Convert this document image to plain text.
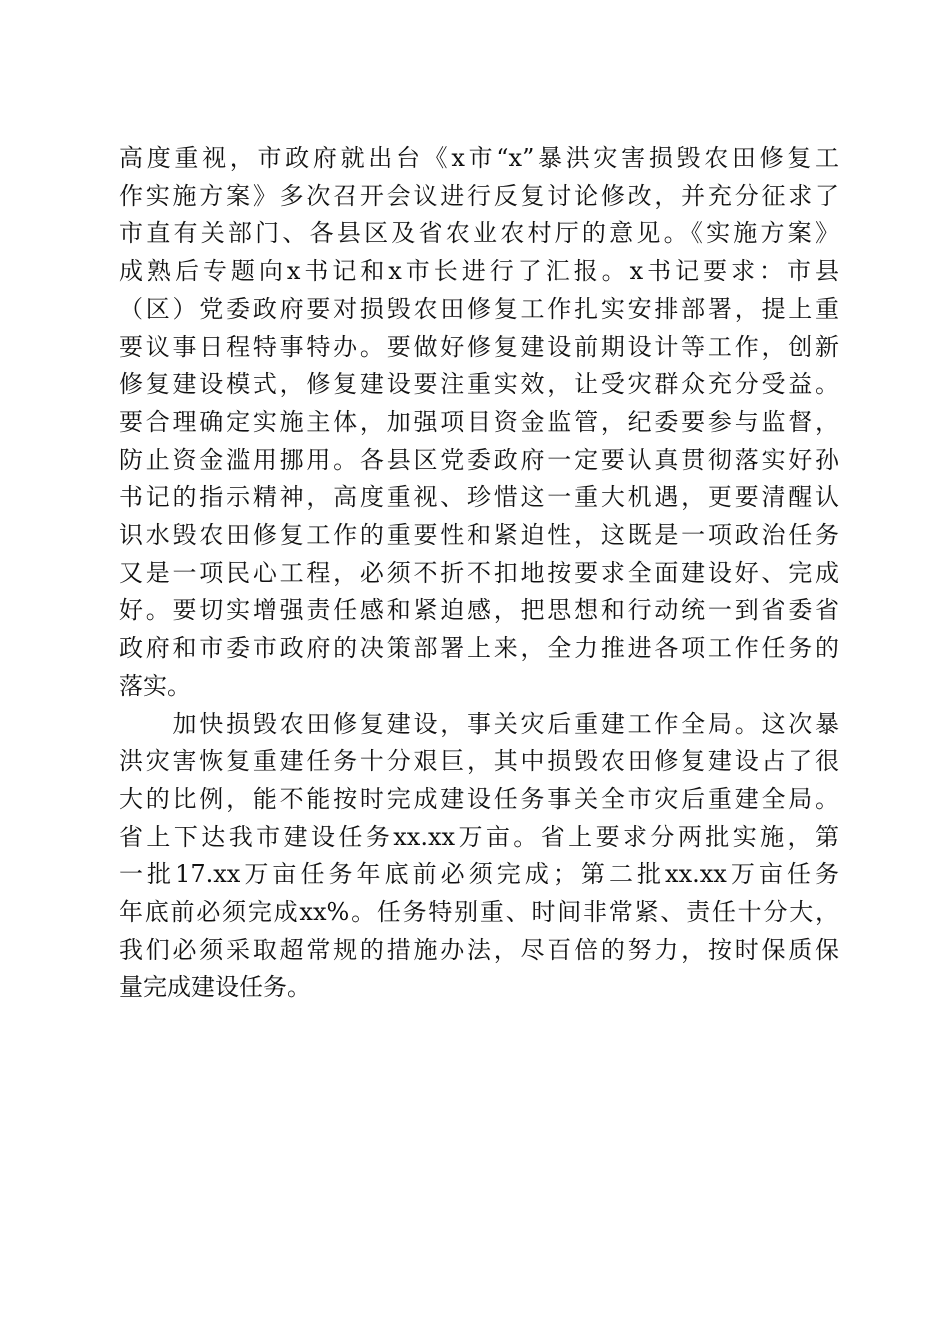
高度重视，市政府就出台《x市“x”暴洪灾害损毁农田修复工
作实施方案》多次召开会议进行反复讨论修改，并充分征求了
市直有关部门、各县区及省农业农村厅的意见。《实施方案》
成熟后专题向x书记和x市长进行了汇报。x书记要求：市县
（区）党委政府要对损毁农田修复工作扎实安排部署，提上重
要议事日程特事特办。要做好修复建设前期设计等工作，创新
修复建设模式，修复建设要注重实效，让受灾群众充分受益。
要合理确定实施主体，加强项目资金监管，纪委要参与监督，
防止资金滥用挪用。各县区党委政府一定要认真贯彻落实好孙
书记的指示精神，高度重视、珍惜这一重大机遇，更要清醒认
识水毁农田修复工作的重要性和紧迫性，这既是一项政治任务
又是一项民心工程，必须不折不扣地按要求全面建设好、完成
好。要切实增强责任感和紧迫感，把思想和行动统一到省委省
政府和市委市政府的决策部署上来，全力推进各项工作任务的
落实。
　　加快损毁农田修复建设，事关灾后重建工作全局。这次暴
洪灾害恢复重建任务十分艰巨，其中损毁农田修复建设占了很
大的比例，能不能按时完成建设任务事关全市灾后重建全局。
省上下达我市建设任务xx.xx万亩。省上要求分两批实施，第
一批17.xx万亩任务年底前必须完成；第二批xx.xx万亩任务
年底前必须完成xx%。任务特别重、时间非常紧、责任十分大，
我们必须采取超常规的措施办法，尽百倍的努力，按时保质保
量完成建设任务。
